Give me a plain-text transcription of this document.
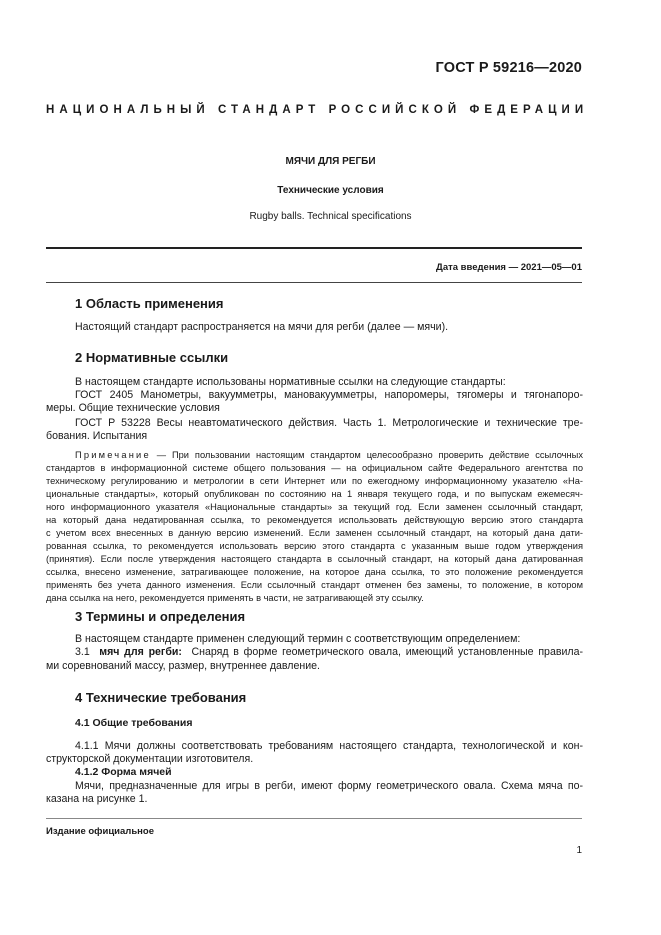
ГОСТ Р 59216—2020
НАЦИОНАЛЬНЫЙ СТАНДАРТ РОССИЙСКОЙ ФЕДЕРАЦИИ
МЯЧИ ДЛЯ РЕГБИ
Технические условия
Rugby balls. Technical specifications
Дата введения — 2021—05—01
1 Область применения
Настоящий стандарт распространяется на мячи для регби (далее — мячи).
2 Нормативные ссылки
В настоящем стандарте использованы нормативные ссылки на следующие стандарты:
ГОСТ 2405 Манометры, вакуумметры, мановакуумметры, напоромеры, тягомеры и тягонапоро-
меры. Общие технические условия
ГОСТ Р 53228 Весы неавтоматического действия. Часть 1. Метрологические и технические тре-
бования. Испытания
Примечание — При пользовании настоящим стандартом целесообразно проверить действие ссылочных
стандартов в информационной системе общего пользования — на официальном сайте Федерального агентства по
техническому регулированию и метрологии в сети Интернет или по ежегодному информационному указателю «На-
циональные стандарты», который опубликован по состоянию на 1 января текущего года, и по выпускам ежемесяч-
ного информационного указателя «Национальные стандарты» за текущий год. Если заменен ссылочный стандарт,
на который дана недатированная ссылка, то рекомендуется использовать действующую версию этого стандарта
с учетом всех внесенных в данную версию изменений. Если заменен ссылочный стандарт, на который дана дати-
рованная ссылка, то рекомендуется использовать версию этого стандарта с указанным выше годом утверждения
(принятия). Если после утверждения настоящего стандарта в ссылочный стандарт, на который дана датированная
ссылка, внесено изменение, затрагивающее положение, на которое дана ссылка, то это положение рекомендуется
применять без учета данного изменения. Если ссылочный стандарт отменен без замены, то положение, в котором
дана ссылка на него, рекомендуется применять в части, не затрагивающей эту ссылку.
3 Термины и определения
В настоящем стандарте применен следующий термин с соответствующим определением:
3.1 мяч для регби: Снаряд в форме геометрического овала, имеющий установленные правила-
ми соревнований массу, размер, внутреннее давление.
4 Технические требования
4.1 Общие требования
4.1.1 Мячи должны соответствовать требованиям настоящего стандарта, технологической и кон-
структорской документации изготовителя.
4.1.2 Форма мячей
Мячи, предназначенные для игры в регби, имеют форму геометрического овала. Схема мяча по-
казана на рисунке 1.
Издание официальное
1
